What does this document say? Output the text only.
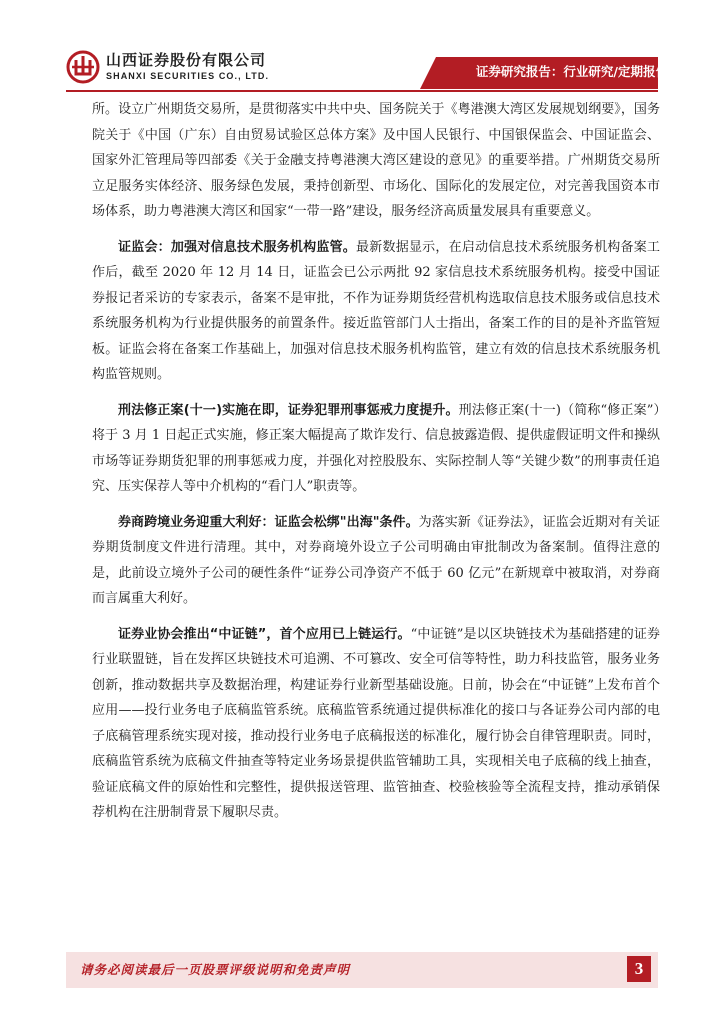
山西证券股份有限公司
SHANXI SECURITIES CO., LTD.	证券研究报告：行业研究/定期报告

所。设立广州期货交易所，是贯彻落实中共中央、国务院关于《粤港澳大湾区发展规划纲要》，国务院关于《中国（广东）自由贸易试验区总体方案》及中国人民银行、中国银保监会、中国证监会、国家外汇管理局等四部委《关于金融支持粤港澳大湾区建设的意见》的重要举措。广州期货交易所立足服务实体经济、服务绿色发展，秉持创新型、市场化、国际化的发展定位，对完善我国资本市场体系，助力粤港澳大湾区和国家“一带一路”建设，服务经济高质量发展具有重要意义。

证监会：加强对信息技术服务机构监管。最新数据显示，在启动信息技术系统服务机构备案工作后，截至 2020 年 12 月 14 日，证监会已公示两批 92 家信息技术系统服务机构。接受中国证券报记者采访的专家表示，备案不是审批，不作为证券期货经营机构选取信息技术服务或信息技术系统服务机构为行业提供服务的前置条件。接近监管部门人士指出，备案工作的目的是补齐监管短板。证监会将在备案工作基础上，加强对信息技术服务机构监管，建立有效的信息技术系统服务机构监管规则。

刑法修正案(十一)实施在即，证券犯罪刑事惩戒力度提升。刑法修正案(十一)（简称“修正案”）将于 3 月 1 日起正式实施，修正案大幅提高了欺诈发行、信息披露造假、提供虚假证明文件和操纵市场等证券期货犯罪的刑事惩戒力度，并强化对控股股东、实际控制人等“关键少数”的刑事责任追究、压实保荐人等中介机构的“看门人”职责等。

券商跨境业务迎重大利好：证监会松绑"出海"条件。为落实新《证券法》，证监会近期对有关证券期货制度文件进行清理。其中，对券商境外设立子公司明确由审批制改为备案制。值得注意的是，此前设立境外子公司的硬性条件“证券公司净资产不低于 60 亿元”在新规章中被取消，对券商而言属重大利好。

证券业协会推出“中证链”，首个应用已上链运行。“中证链”是以区块链技术为基础搭建的证券行业联盟链，旨在发挥区块链技术可追溯、不可篡改、安全可信等特性，助力科技监管，服务业务创新，推动数据共享及数据治理，构建证券行业新型基础设施。日前，协会在“中证链”上发布首个应用——投行业务电子底稿监管系统。底稿监管系统通过提供标准化的接口与各证券公司内部的电子底稿管理系统实现对接，推动投行业务电子底稿报送的标准化，履行协会自律管理职责。同时，底稿监管系统为底稿文件抽查等特定业务场景提供监管辅助工具，实现相关电子底稿的线上抽查，验证底稿文件的原始性和完整性，提供报送管理、监管抽查、校验核验等全流程支持，推动承销保荐机构在注册制背景下履职尽责。

请务必阅读最后一页股票评级说明和免责声明	3
